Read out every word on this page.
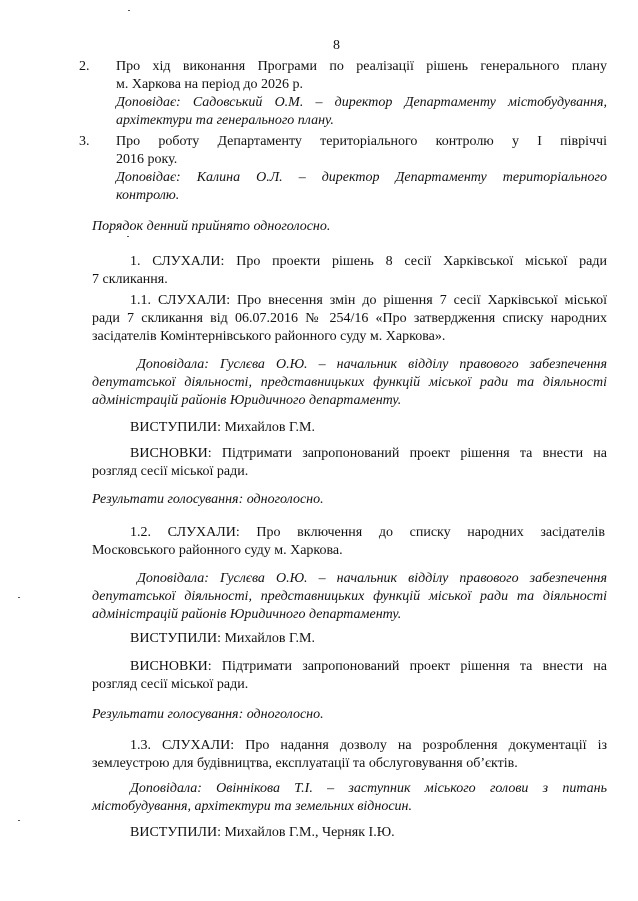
8
2. Про хід виконання Програми по реалізації рішень генерального плану
м. Харкова на період до 2026 р.
Доповідає: Садовський О.М. – директор Департаменту містобудування,
архітектури та генерального плану.
3. Про роботу Департаменту територіального контролю у І півріччі
2016 року.
Доповідає: Калина О.Л. – директор Департаменту територіального
контролю.
Порядок денний прийнято одноголосно.
1. СЛУХАЛИ: Про проекти рішень 8 сесії Харківської міської ради
7 скликання.
1.1. СЛУХАЛИ: Про внесення змін до рішення 7 сесії Харківської міської
ради 7 скликання від 06.07.2016 № 254/16 «Про затвердження списку народних
засідателів Комінтернівського районного суду м. Харкова».
Доповідала: Гуслєва О.Ю. – начальник відділу правового забезпечення
депутатської діяльності, представницьких функцій міської ради та діяльності
адміністрацій районів Юридичного департаменту.
ВИСТУПИЛИ: Михайлов Г.М.
ВИСНОВКИ: Підтримати запропонований проект рішення та внести на
розгляд сесії міської ради.
Результати голосування: одноголосно.
1.2. СЛУХАЛИ: Про включення до списку народних засідателів
Московського районного суду м. Харкова.
Доповідала: Гуслєва О.Ю. – начальник відділу правового забезпечення
депутатської діяльності, представницьких функцій міської ради та діяльності
адміністрацій районів Юридичного департаменту.
ВИСТУПИЛИ: Михайлов Г.М.
ВИСНОВКИ: Підтримати запропонований проект рішення та внести на
розгляд сесії міської ради.
Результати голосування: одноголосно.
1.3. СЛУХАЛИ: Про надання дозволу на розроблення документації із
землеустрою для будівництва, експлуатації та обслуговування об’єктів.
Доповідала: Овіннікова Т.І. – заступник міського голови з питань
містобудування, архітектури та земельних відносин.
ВИСТУПИЛИ: Михайлов Г.М., Черняк І.Ю.
